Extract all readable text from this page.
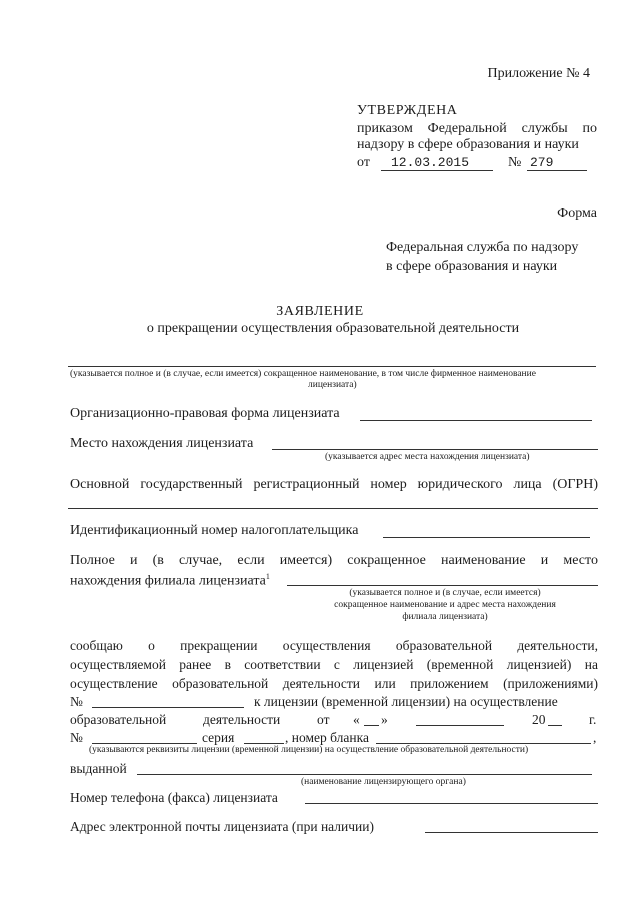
Приложение № 4
УТВЕРЖДЕНА
приказом Федеральной службы по
надзору в сфере образования и науки
от 12.03.2015	№ 279
Форма
Федеральная служба по надзору
в сфере образования и науки
ЗАЯВЛЕНИЕ
о прекращении осуществления образовательной деятельности
(указывается полное и (в случае, если имеется) сокращенное наименование, в том числе фирменное наименование
лицензиата)
Организационно-правовая форма лицензиата
Место нахождения лицензиата
(указывается адрес места нахождения лицензиата)
Основной государственный регистрационный номер юридического лица (ОГРН)
Идентификационный номер налогоплательщика
Полное и (в случае, если имеется) сокращенное наименование и место
нахождения филиала лицензиата$^1$
(указывается полное и (в случае, если имеется)
сокращенное наименование и адрес места нахождения
филиала лицензиата)
сообщаю о прекращении осуществления образовательной деятельности,
осуществляемой ранее в соответствии с лицензией (временной лицензией) на
осуществление образовательной деятельности или приложением (приложениями)
№	к лицензии (временной лицензии) на осуществление
образовательной	деятельности	от « »	20	г.
№	серия	, номер бланка	,
(указываются реквизиты лицензии (временной лицензии) на осуществление образовательной деятельности)
выданной
(наименование лицензирующего органа)
Номер телефона (факса) лицензиата
Адрес электронной почты лицензиата (при наличии)
